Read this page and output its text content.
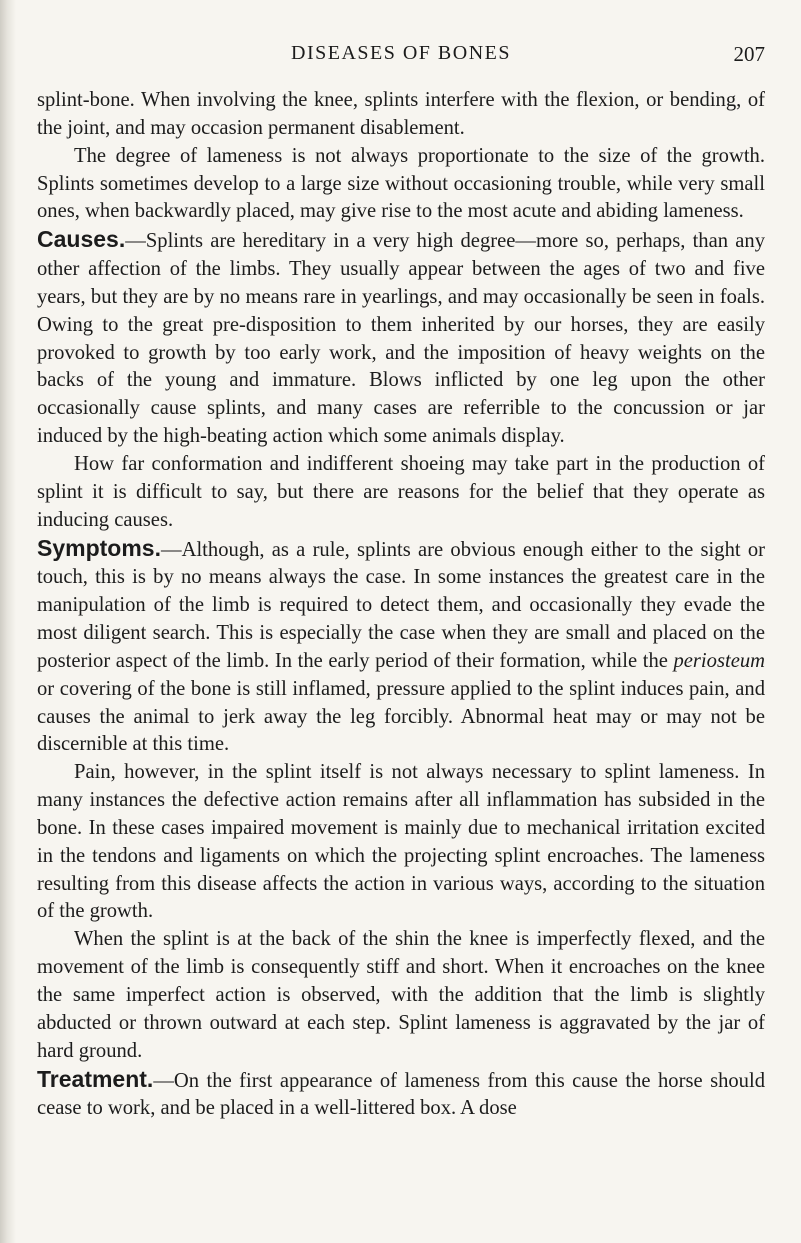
DISEASES OF BONES	207

splint-bone. When involving the knee, splints interfere with the flexion, or bending, of the joint, and may occasion permanent disablement.

The degree of lameness is not always proportionate to the size of the growth. Splints sometimes develop to a large size without occasioning trouble, while very small ones, when backwardly placed, may give rise to the most acute and abiding lameness.

Causes.—Splints are hereditary in a very high degree—more so, perhaps, than any other affection of the limbs. They usually appear between the ages of two and five years, but they are by no means rare in yearlings, and may occasionally be seen in foals. Owing to the great pre-disposition to them inherited by our horses, they are easily provoked to growth by too early work, and the imposition of heavy weights on the backs of the young and immature. Blows inflicted by one leg upon the other occasionally cause splints, and many cases are referrible to the concussion or jar induced by the high-beating action which some animals display.

How far conformation and indifferent shoeing may take part in the production of splint it is difficult to say, but there are reasons for the belief that they operate as inducing causes.

Symptoms.—Although, as a rule, splints are obvious enough either to the sight or touch, this is by no means always the case. In some instances the greatest care in the manipulation of the limb is required to detect them, and occasionally they evade the most diligent search. This is especially the case when they are small and placed on the posterior aspect of the limb. In the early period of their formation, while the periosteum or covering of the bone is still inflamed, pressure applied to the splint induces pain, and causes the animal to jerk away the leg forcibly. Abnormal heat may or may not be discernible at this time.

Pain, however, in the splint itself is not always necessary to splint lameness. In many instances the defective action remains after all inflammation has subsided in the bone. In these cases impaired movement is mainly due to mechanical irritation excited in the tendons and ligaments on which the projecting splint encroaches. The lameness resulting from this disease affects the action in various ways, according to the situation of the growth.

When the splint is at the back of the shin the knee is imperfectly flexed, and the movement of the limb is consequently stiff and short. When it encroaches on the knee the same imperfect action is observed, with the addition that the limb is slightly abducted or thrown outward at each step. Splint lameness is aggravated by the jar of hard ground.

Treatment.—On the first appearance of lameness from this cause the horse should cease to work, and be placed in a well-littered box. A dose
